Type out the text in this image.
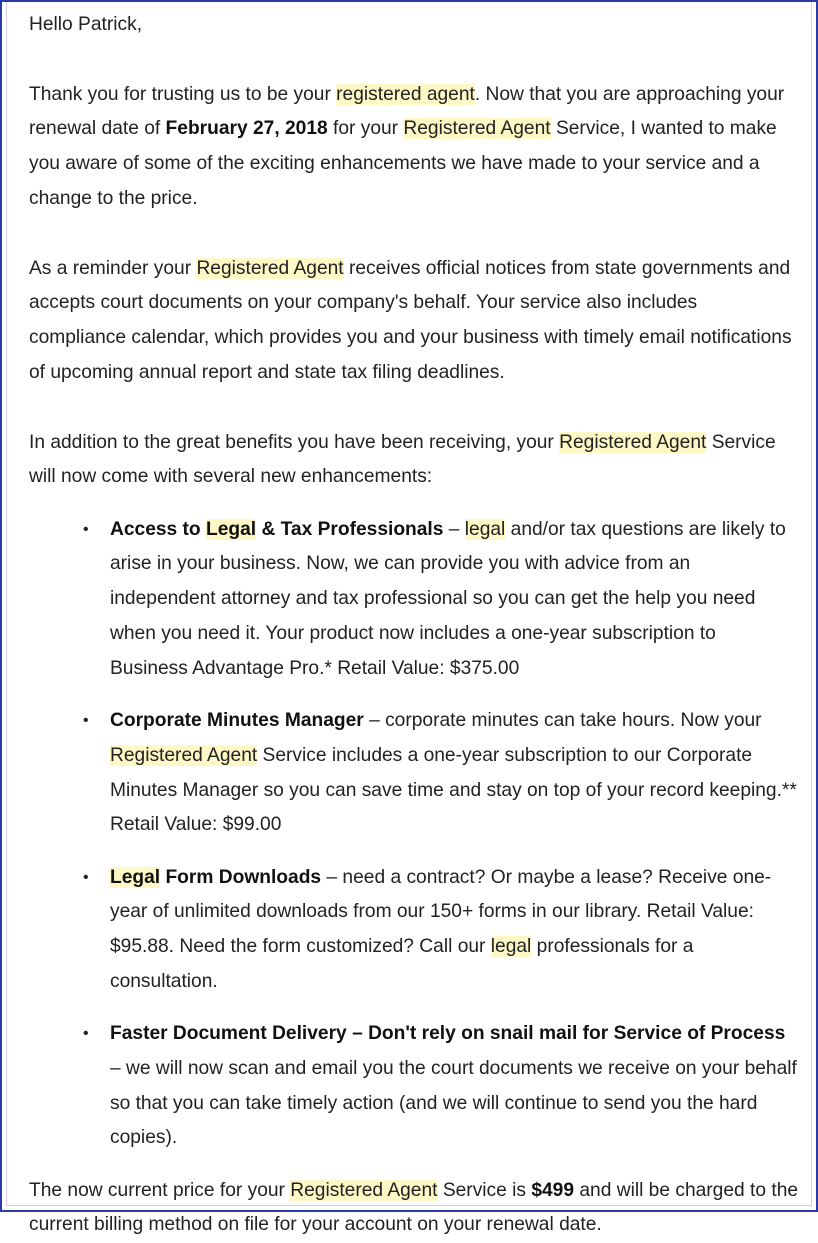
Hello Patrick,

Thank you for trusting us to be your registered agent. Now that you are approaching your renewal date of February 27, 2018 for your Registered Agent Service, I wanted to make you aware of some of the exciting enhancements we have made to your service and a change to the price.

As a reminder your Registered Agent receives official notices from state governments and accepts court documents on your company's behalf. Your service also includes compliance calendar, which provides you and your business with timely email notifications of upcoming annual report and state tax filing deadlines.

In addition to the great benefits you have been receiving, your Registered Agent Service will now come with several new enhancements:

• Access to Legal & Tax Professionals – legal and/or tax questions are likely to arise in your business. Now, we can provide you with advice from an independent attorney and tax professional so you can get the help you need when you need it. Your product now includes a one-year subscription to Business Advantage Pro.* Retail Value: $375.00
• Corporate Minutes Manager – corporate minutes can take hours. Now your Registered Agent Service includes a one-year subscription to our Corporate Minutes Manager so you can save time and stay on top of your record keeping.** Retail Value: $99.00
• Legal Form Downloads – need a contract? Or maybe a lease? Receive one-year of unlimited downloads from our 150+ forms in our library. Retail Value: $95.88. Need the form customized? Call our legal professionals for a consultation.
• Faster Document Delivery – Don't rely on snail mail for Service of Process – we will now scan and email you the court documents we receive on your behalf so that you can take timely action (and we will continue to send you the hard copies).

The now current price for your Registered Agent Service is $499 and will be charged to the current billing method on file for your account on your renewal date.
